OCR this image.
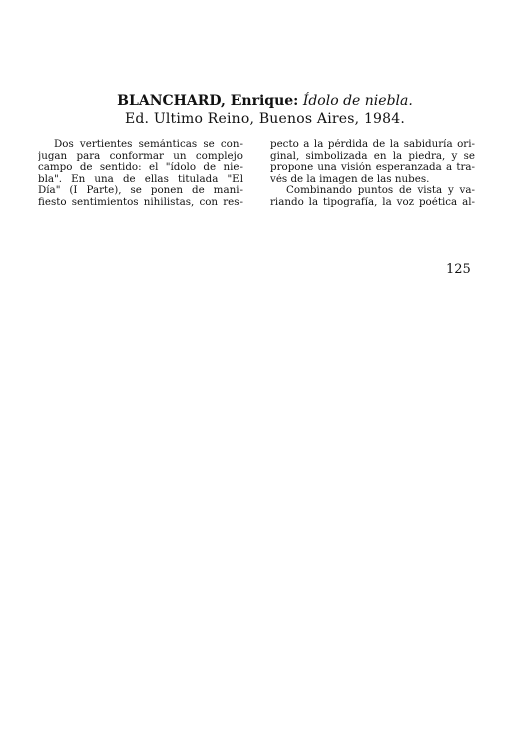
BLANCHARD, Enrique: Ídolo de niebla.
Ed. Ultimo Reino, Buenos Aires, 1984.
Dos vertientes semánticas se con-
jugan para conformar un complejo
campo de sentido: el "ídolo de nie-
bla". En una de ellas titulada "El
Día" (I Parte), se ponen de mani-
fiesto sentimientos nihilistas, con res-
pecto a la pérdida de la sabiduría ori-
ginal, simbolizada en la piedra, y se
propone una visión esperanzada a tra-
vés de la imagen de las nubes.
Combinando puntos de vista y va-
riando la tipografía, la voz poética al-
125
